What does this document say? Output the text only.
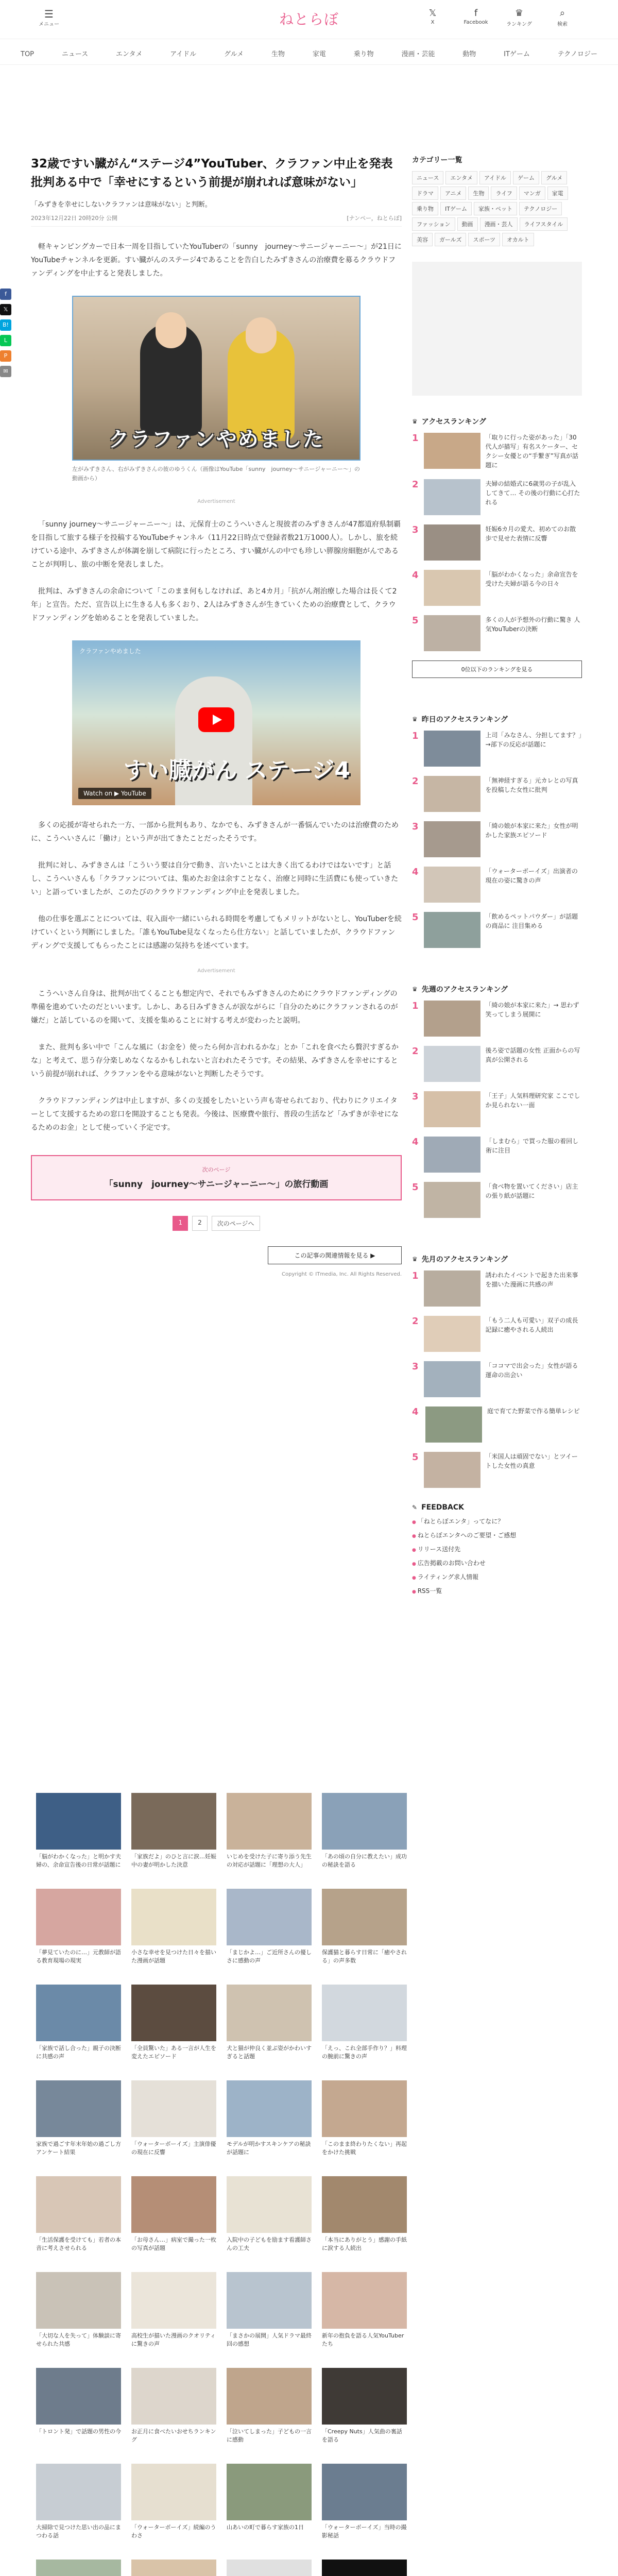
☰
メニュー	ねとらぼ	𝕏
X
f
Facebook
♛
ランキング
⌕
検索
TOP	ニュース	エンタメ	アイドル	グルメ	生物	家電	乗り物	漫画・芸能	動物	ITゲーム	テクノロジー
f
𝕏
B!
L
P
✉
32歳ですい臓がん“ステージ4”YouTuber、クラファン中止を発表　批判ある中で「幸せにするという前提が崩れれば意味がない」

「みずきを幸せにしないクラファンは意味がない」と判断。

2023年12月22日 20時20分 公開	[ナンペー，ねとらぼ]

軽キャンピングカーで日本一周を目指していたYouTuberの「sunny　journey〜サニージャーニー〜」が21日にYouTubeチャンネルを更新。すい臓がんのステージ4であることを告白したみずきさんの治療費を募るクラウドファンディングを中止すると発表しました。

クラファンやめました

左がみずきさん、右がみずきさんの彼のゆうくん（画像はYouTube「sunny　journey〜サニージャーニー〜」の動画から）

Advertisement

「sunny journey〜サニージャーニー〜」は、元保育士のこうへいさんと現彼者のみずきさんが47都道府県制覇を目指して旅する様子を投稿するYouTubeチャンネル（11月22日時点で登録者数21万1000人）。しかし、旅を続けている途中、みずきさんが体調を崩して病院に行ったところ、すい臓がんの中でも珍しい膵腺房細胞がんであることが判明し、旅の中断を発表しました。

批判は、みずきさんの余命について「このまま何もしなければ、あと4カ月」「抗がん剤治療した場合は長くて2年」と宣告。ただ、宣告以上に生きる人も多くおり、2人はみずきさんが生きていくための治療費として、クラウドファンディングを始めることを発表していました。

クラファンやめました
すい臓がん ステージ4
Watch on ▶ YouTube

多くの応援が寄せられた一方、一部から批判もあり、なかでも、みずきさんが一番悩んでいたのは治療費のために、こうへいさんに「働け」という声が出てきたことだったそうです。

批判に対し、みずきさんは「こういう要は自分で動き、言いたいことは大きく出てるわけではないです」と話し、こうへいさんも「クラファンについては、集めたお金は余すことなく、治療と同時に生活費にも使っていきたい」と語っていましたが、このたびのクラウドファンディング中止を発表しました。

他の仕事を選ぶことについては、収入面や一緒にいられる時間を考慮してもメリットがないとし、YouTuberを続けていくという判断にしました。「誰もYouTube見なくなったら仕方ない」と話していましたが、クラウドファンディングで支援してもらったことには感謝の気持ちを述べています。

Advertisement

こうへいさん自身は、批判が出てくることも想定内で、それでもみずきさんのためにクラウドファンディングの準備を進めていたのだといいます。しかし、ある日みずきさんが涙ながらに「自分のためにクラファンされるのが嫌だ」と話しているのを聞いて、支援を集めることに対する考えが変わったと説明。

また、批判も多い中で「こんな風に（お金を）使ったら何か言われるかな」とか「これを食べたら贅沢すぎるかな」と考えて、思う存分楽しめなくなるかもしれないと言われたそうです。その結果、みずきさんを幸せにするという前提が崩れれば、クラファンをやる意味がないと判断したそうです。

クラウドファンディングは中止しますが、多くの支援をしたいという声も寄せられており、代わりにクリエイターとして支援するための窓口を開設することも発表。今後は、医療費や旅行、普段の生活など「みずきが幸せになるためのお金」として使っていく予定です。

次のページ
「sunny　journey〜サニージャーニー〜」の旅行動画
1	2	次のページへ
この記事の関連情報を見る ▶

Copyright © ITmedia, Inc. All Rights Reserved.

「脳がわかくなった」と明かす夫婦の、余命宣告後の日常が話題に
「家族だよ」のひと言に涙…妊娠中の妻が明かした決意
いじめを受けた子に寄り添う先生の対応が話題に「理想の大人」
「あの頃の自分に教えたい」成功の秘訣を語る
「夢見ていたのに…」元教師が語る教育現場の現実
小さな幸せを見つけた日々を描いた漫画が話題
「まじかよ…」ご近所さんの優しさに感動の声
保護猫と暮らす日常に「癒やされる」の声多数
「家族で話し合った」親子の決断に共感の声
「全員驚いた」ある一言が人生を変えたエピソード
犬と猫が仲良く並ぶ姿がかわいすぎると話題
「えっ、これ全部手作り？」料理の腕前に驚きの声
家族で過ごす年末年始の過ごし方アンケート結果
「ウォーターボーイズ」主演俳優の現在に反響
モデルが明かすスキンケアの秘訣が話題に
「このまま終わりたくない」再起をかけた挑戦
「生活保護を受けても」若者の本音に考えさせられる
「お母さん…」病室で撮った一枚の写真が話題
入院中の子どもを励ます看護師さんの工夫
「本当にありがとう」感謝の手紙に涙する人続出
「大切な人を失って」体験談に寄せられた共感
高校生が描いた漫画のクオリティに驚きの声
「まさかの展開」人気ドラマ最終回の感想
新年の抱負を語る人気YouTuberたち
「トロント発」で話題の男性の今 お正月に食べたいおせちランキング
「泣いてしまった」子どもの一言に感動
「Creepy Nuts」人気曲の裏話を語る
大掃除で見つけた思い出の品にまつわる話
「ウォーターボーイズ」続編のうわさ
山あいの町で暮らす家族の1日	「ウォーターボーイズ」当時の撮影秘話
カテゴリー一覧
ニュース	エンタメ	アイドル	ゲーム	グルメ
ドラマ	アニメ	生物	ライフ	マンガ	家電
乗り物	ITゲーム	家族・ペット	テクノロジー
ファッション	動画	漫画・芸人	ライフスタイル
美容	ガールズ	スポーツ	オカルト
♛ アクセスランキング
1	「取りに行った姿があった」「30代人が描写」有名スケーター、セクシー女優との“手繋ぎ”写真が話題に
2	夫婦の結婚式に6歳男の子が乱入してきて… その後の行動に心打たれる
3	妊娠6カ月の愛犬、初めてのお散歩で見せた表情に反響
4	「脳がわかくなった」余命宣告を受けた夫婦が語る今の日々
5	多くの人が予想外の行動に驚き 人気YouTuberの決断
0位以下のランキングを見る
♛ 昨日のアクセスランキング
1	上司「みなさん、分担してます？」→部下の反応が話題に
2	「無神経すぎる」元カレとの写真を投稿した女性に批判
3	「綺の娘が本家に来た」女性が明かした家族エピソード
4	「ウォーターボーイズ」出演者の現在の姿に驚きの声
5	「飲めるペットパウダー」が話題の商品に 注目集める
♛ 先週のアクセスランキング
1	「綺の娘が本家に来た」→ 思わず笑ってしまう展開に
2	後ろ姿で話題の女性 正面からの写真が公開される
3	「王子」人気料理研究家 ここでしか見られない一面
4	「しまむら」で買った服の着回し術に注目
5	「食べ物を置いてください」店主の張り紙が話題に
♛ 先月のアクセスランキング
1	誘われたイベントで起きた出来事を描いた漫画に共感の声
2	「もう二人も可愛い」双子の成長記録に癒やされる人続出
3	「ココマで出会った」女性が語る運命の出会い
4	庭で育てた野菜で作る簡単レシピ
5	「米国人は頑固でない」とツイートした女性の真意
✎ FEEDBACK
● 「ねとらぼエンタ」ってなに？
● ねとらぼエンタへのご要望・ご感想
● リリース送付先
● 広告掲載のお問い合わせ
● ライティング求人情報
● RSS一覧
